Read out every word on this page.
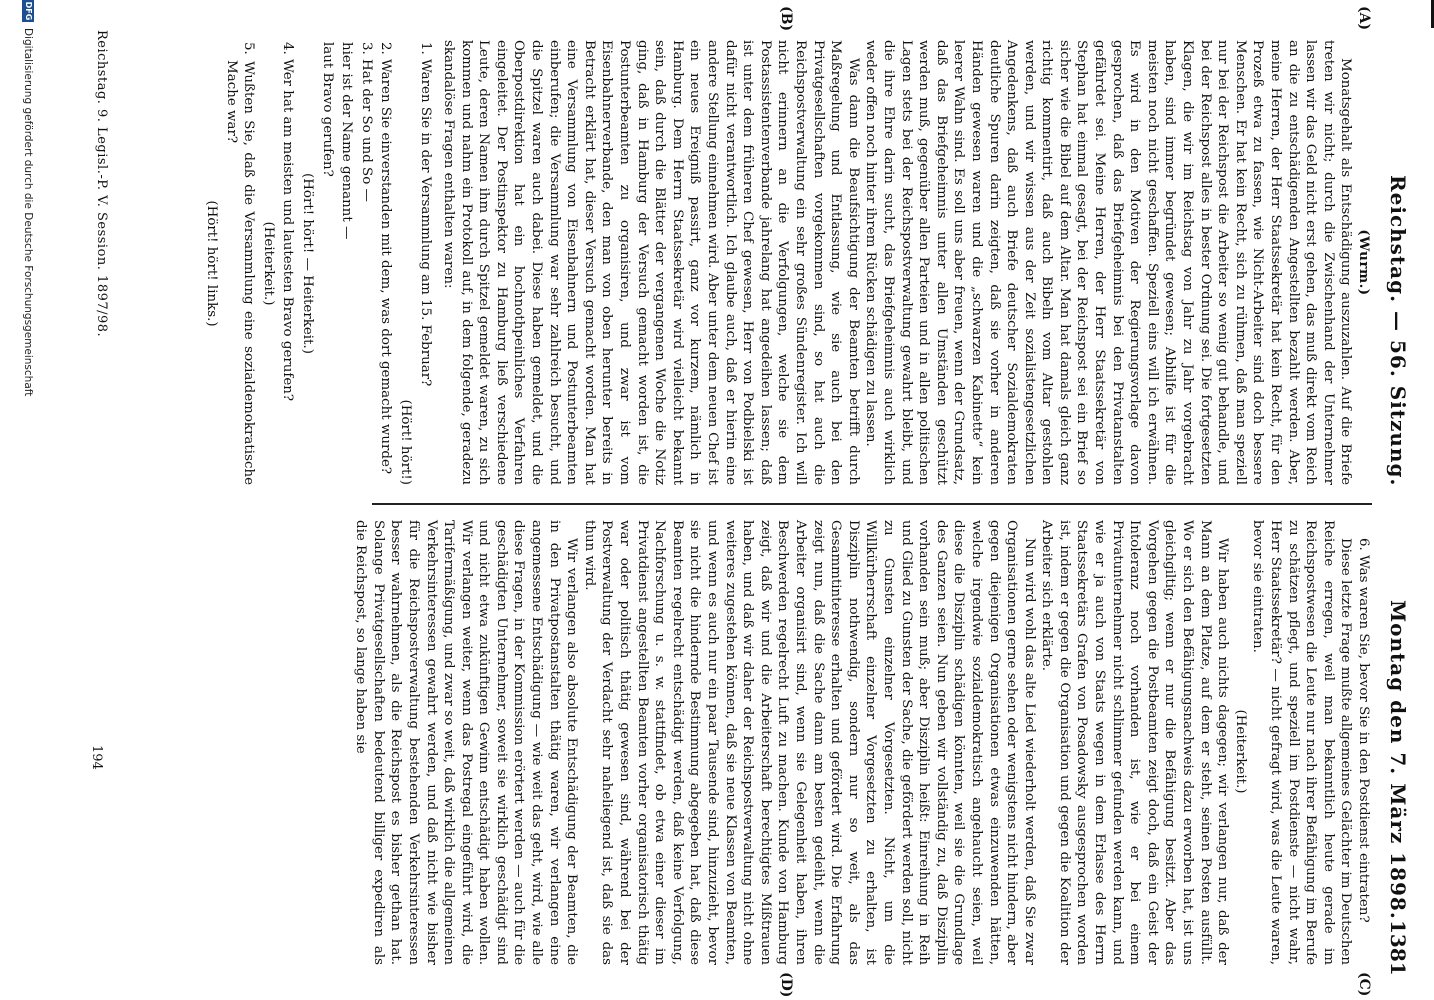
Reichstag. — 56. Sitzung.
Montag den 7. März 1898.
1381
(A)
(B)
(C)
(D)

(Wurm.)

Monatsgehalt als Entschädigung auszuzahlen. Auf die Briefe treten wir nicht; durch die Zwischenhand der Unternehmer lassen wir das Geld nicht erst gehen, das muß direkt vom Reich an die zu entschädigenden Angestellten bezahlt werden. Aber, meine Herren, der Herr Staatssekretär hat kein Recht, für den Prozeß etwa zu fassen, wie Nicht-Arbeiter sind doch bessere Menschen. Er hat kein Recht, sich zu rühmen, daß man speziell nur bei der Reichspost die Arbeiter so wenig gut behandle, und bei der Reichspost alles in bester Ordnung sei. Die fortgesetzten Klagen, die wir im Reichstag von Jahr zu Jahr vorgebracht haben, sind immer begründet gewesen; Abhilfe ist für die meisten noch nicht geschaffen. Speziell eins will ich erwähnen. Es wird in den Motiven der Regierungsvorlage davon gesprochen, daß das Briefgeheimnis bei den Privatanstalten gefährdet sei. Meine Herren, der Herr Staatssekretär von Stephan hat einmal gesagt, bei der Reichspost sei ein Brief so sicher wie die Bibel auf dem Altar. Man hat damals gleich ganz richtig kommentirt, daß auch Bibeln vom Altar gestohlen werden, und wir wissen aus der Zeit sozialistengesetzlichen Angedenkens, daß auch Briefe deutscher Sozialdemokraten deutliche Spuren darin zeigten, daß sie vorher in anderen Händen gewesen waren und die „schwarzen Kabinette“ kein leerer Wahn sind. Es soll uns aber freuen, wenn der Grundsatz, daß das Briefgeheimnis unter allen Umständen geschützt werden muß, gegenüber allen Parteien und in allen politischen Lagen stets bei der Reichspostverwaltung gewahrt bleibt, und die ihre Ehre darin sucht, das Briefgeheimnis auch wirklich weder offen noch hinter ihrem Rücken schädigen zu lassen.

Was dann die Beaufsichtigung der Beamten betrifft durch Maßregelung und Entlassung, wie sie auch bei den Privatgesellschaften vorgekommen sind, so hat auch die Reichspostverwaltung ein sehr großes Sündenregister. Ich will nicht erinnern an die Verfolgungen, welche sie dem Postassistentenverbande jahrelang hat angedeihen lassen; daß ist unter dem früheren Chef gewesen, Herr von Podbielski ist dafür nicht verantwortlich. Ich glaube auch, daß er hierin eine andere Stellung einnehmen wird. Aber unter dem neuen Chef ist ein neues Ereigniß passirt, ganz vor kurzem, nämlich in Hamburg. Dem Herrn Staatssekretär wird vielleicht bekannt sein, daß durch die Blätter der vergangenen Woche die Notiz ging, daß in Hamburg der Versuch gemacht worden ist, die Postunterbeamten zu organisiren, und zwar ist vom Eisenbahnerverbande, den man von oben herunter bereits in Betracht erklärt hat, dieser Versuch gemacht worden. Man hat eine Versammlung von Eisenbahnern und Postunterbeamten einberufen; die Versammlung war sehr zahlreich besucht, und die Spitzel waren auch dabei. Diese haben gemeldet, und die Oberpostdirektion hat ein hochnothpeinliches Verfahren eingeleitet. Der Postinspektor zu Hamburg ließ verschiedene Leute, deren Namen ihm durch Spitzel gemeldet waren, zu sich kommen und nahm ein Protokoll auf, in dem folgende, geradezu skandalöse Fragen enthalten waren:

1. Waren Sie in der Versammlung am 15. Februar?
(Hört! hört!)
2. Waren Sie einverstanden mit dem, was dort gemacht wurde?
3. Hat der So und So —
hier ist der Name genannt —
laut Bravo gerufen?
(Hört! hört! — Heiterkeit.)
4. Wer hat am meisten und lautesten Bravo gerufen?
(Heiterkeit.)
5. Wußten Sie, daß die Versammlung eine sozialdemokratische Mache war?
(Hört! hört! links.)

6. Was waren Sie, bevor Sie in den Postdienst eintraten?

Diese letzte Frage mußte allgemeines Gelächter im Deutschen Reiche erregen, weil man bekanntlich heute gerade im Reichspostwesen die Leute nur nach ihrer Befähigung im Berufe zu schätzen pflegt, und speziell im Postdienste — nicht wahr, Herr Staatssekretär? — nicht gefragt wird, was die Leute waren, bevor sie eintraten.

(Heiterkeit.)

Wir haben auch nichts dagegen; wir verlangen nur, daß der Mann an dem Platze, auf dem er steht, seinen Posten ausfüllt. Wo er sich den Befähigungsnachweis dazu erworben hat, ist uns gleichgiltig; wenn er nur die Befähigung besitzt. Aber das Vorgehen gegen die Postbeamten zeigt doch, daß ein Geist der Intoleranz noch vorhanden ist, wie er bei einem Privatunternehmer nicht schlimmer gefunden werden kann, und wie er ja auch von Staats wegen in dem Erlasse des Herrn Staatssekretärs Grafen von Posadowsky ausgesprochen worden ist, indem er gegen die Organisation und gegen die Koalition der Arbeiter sich erklärte.

Nun wird wohl das alte Lied wiederholt werden, daß Sie zwar Organisationen gerne sehen oder wenigstens nicht hindern, aber gegen diejenigen Organisationen etwas einzuwenden hätten, welche irgendwie sozialdemokratisch angehaucht seien, weil diese die Disziplin schädigen könnten, weil sie die Grundlage des Ganzen seien. Nun geben wir vollständig zu, daß Disziplin vorhanden sein muß; aber Disziplin heißt: Einreihung in Reih und Glied zu Gunsten der Sache, die gefördert werden soll, nicht zu Gunsten einzelner Vorgesetzten. Nicht, um die Willkürherrschaft einzelner Vorgesetzten zu erhalten, ist Disziplin nothwendig, sondern nur so weit, als das Gesammtinteresse erhalten und gefördert wird. Die Erfahrung zeigt nun, daß die Sache dann am besten gedeiht, wenn die Arbeiter organisirt sind, wenn sie Gelegenheit haben, ihren Beschwerden regelrecht Luft zu machen. Kunde von Hamburg zeigt, daß wir und die Arbeiterschaft berechtigtes Mißtrauen haben, und daß wir daher der Reichspostverwaltung nicht ohne weiteres zugestehen können, daß sie neue Klassen von Beamten, und wenn es auch nur ein paar Tausende sind, hinzuzieht, bevor sie nicht die hindernde Bestimmung abgegeben hat, daß diese Beamten regelrecht entschädigt werden, daß keine Verfolgung, Nachforschung u. s. w. stattfindet, ob etwa einer dieser im Privatdienst angestellten Beamten vorher organisatorisch thätig war oder politisch thätig gewesen sind, während bei der Postverwaltung der Verdacht sehr naheliegend ist, daß sie das thun wird.

Wir verlangen also absolute Entschädigung der Beamten, die in den Privatpostanstalten thätig waren, wir verlangen eine angemessene Entschädigung — wie weit das geht, wird, wie alle diese Fragen, in der Kommission erörtert werden — auch für die geschädigten Unternehmer, soweit sie wirklich geschädigt sind und nicht etwa zukünftigen Gewinn entschädigt haben wollen. Wir verlangen weiter, wenn das Postregal eingeführt wird, die Tarifermäßigung, und zwar so weit, daß wirklich die allgemeinen Verkehrsinteressen gewahrt werden, und daß nicht wie bisher für die Reichspostverwaltung bestehenden Verkehrsinteressen besser wahrnehmen, als die Reichspost es bisher gethan hat. Solange Privatgesellschaften bedeutend billiger expediren als die Reichspost, so lange haben sie

Reichstag. 9. Legisl.-P. V. Session. 1897/98.
194
DFGDigitalisierung gefördert durch die Deutsche Forschungsgemeinschaft
